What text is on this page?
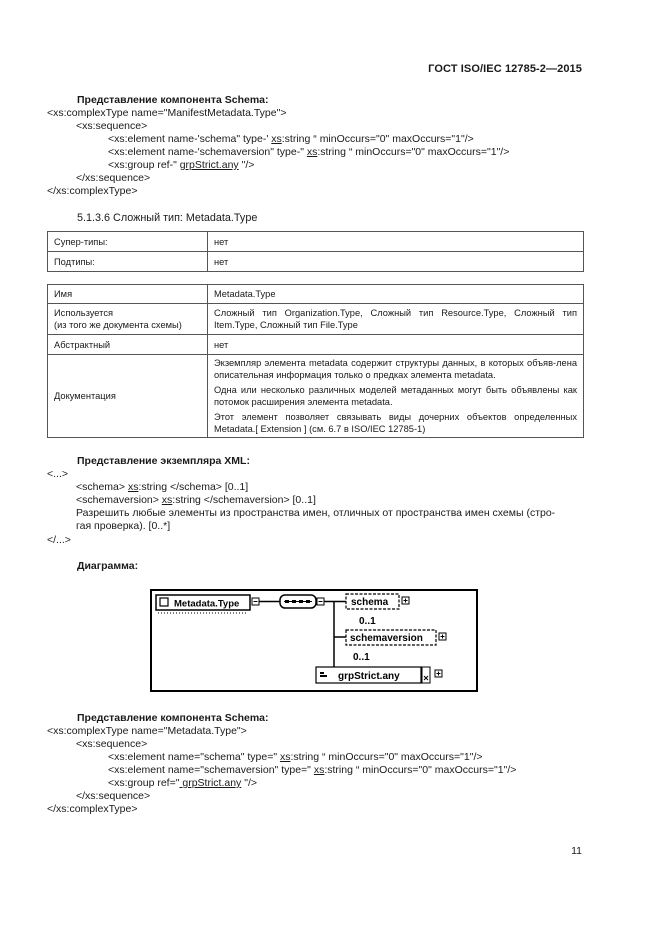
ГОСТ ISO/IEC 12785-2—2015
Представление компонента Schema:
<xs:complexType name="ManifestMetadata.Type">
<xs:sequence>
<xs:element name-'schema" type-' xs:string “ minOccurs="0" maxOccurs="1"/>
<xs:element name-'schemaversion" type-" xs:string “ minOccurs="0" maxOccurs="1"/>
<xs:group ref-" grpStrict.any "/>
</xs:sequence>
</xs:complexType>
5.1.3.6 Сложный тип: Metadata.Type
Супер-типы:	нет
Подтипы:	нет
Имя	Metadata.Type

Используется
(из того же документа схемы)	Сложный тип Organization.Type, Сложный тип Resource.Type, Сложный тип Item.Type, Сложный тип File.Type
Абстрактный	нет
Документация	Экземпляр элемента metadata содержит структуры данных, в которых объяв-лена описательная информация только о предках элемента metadata.
Одна или несколько различных моделей метаданных могут быть объявлены как потомок расширения элемента metadata.
Этот элемент позволяет связывать виды дочерних объектов определенных Metadata.[ Extension ] (см. 6.7 в ISO/IEC 12785-1)
Представление экземпляра XML:
<...>
<schema> xs:string </schema> [0..1]
<schemaversion> xs:string </schemaversion> [0..1]
Разрешить любые элементы из пространства имен, отличных от пространства имен схемы (стро-
гая проверка). [0..*]
</...>
Диаграмма:
Metadata.Type	schema
0..1
schemaversion
0..1
grpStrict.any
Представление компонента Schema:
<xs:complexType name="Metadata.Type">
<xs:sequence>
<xs:element name="schema" type=" xs:string “ minOccurs="0" maxOccurs="1"/>
<xs:element name="schemaversion" type=" xs:string “ minOccurs="0" maxOccurs="1"/>
<xs:group ref=" grpStrict.any "/>
</xs:sequence>
</xs:complexType>
11
